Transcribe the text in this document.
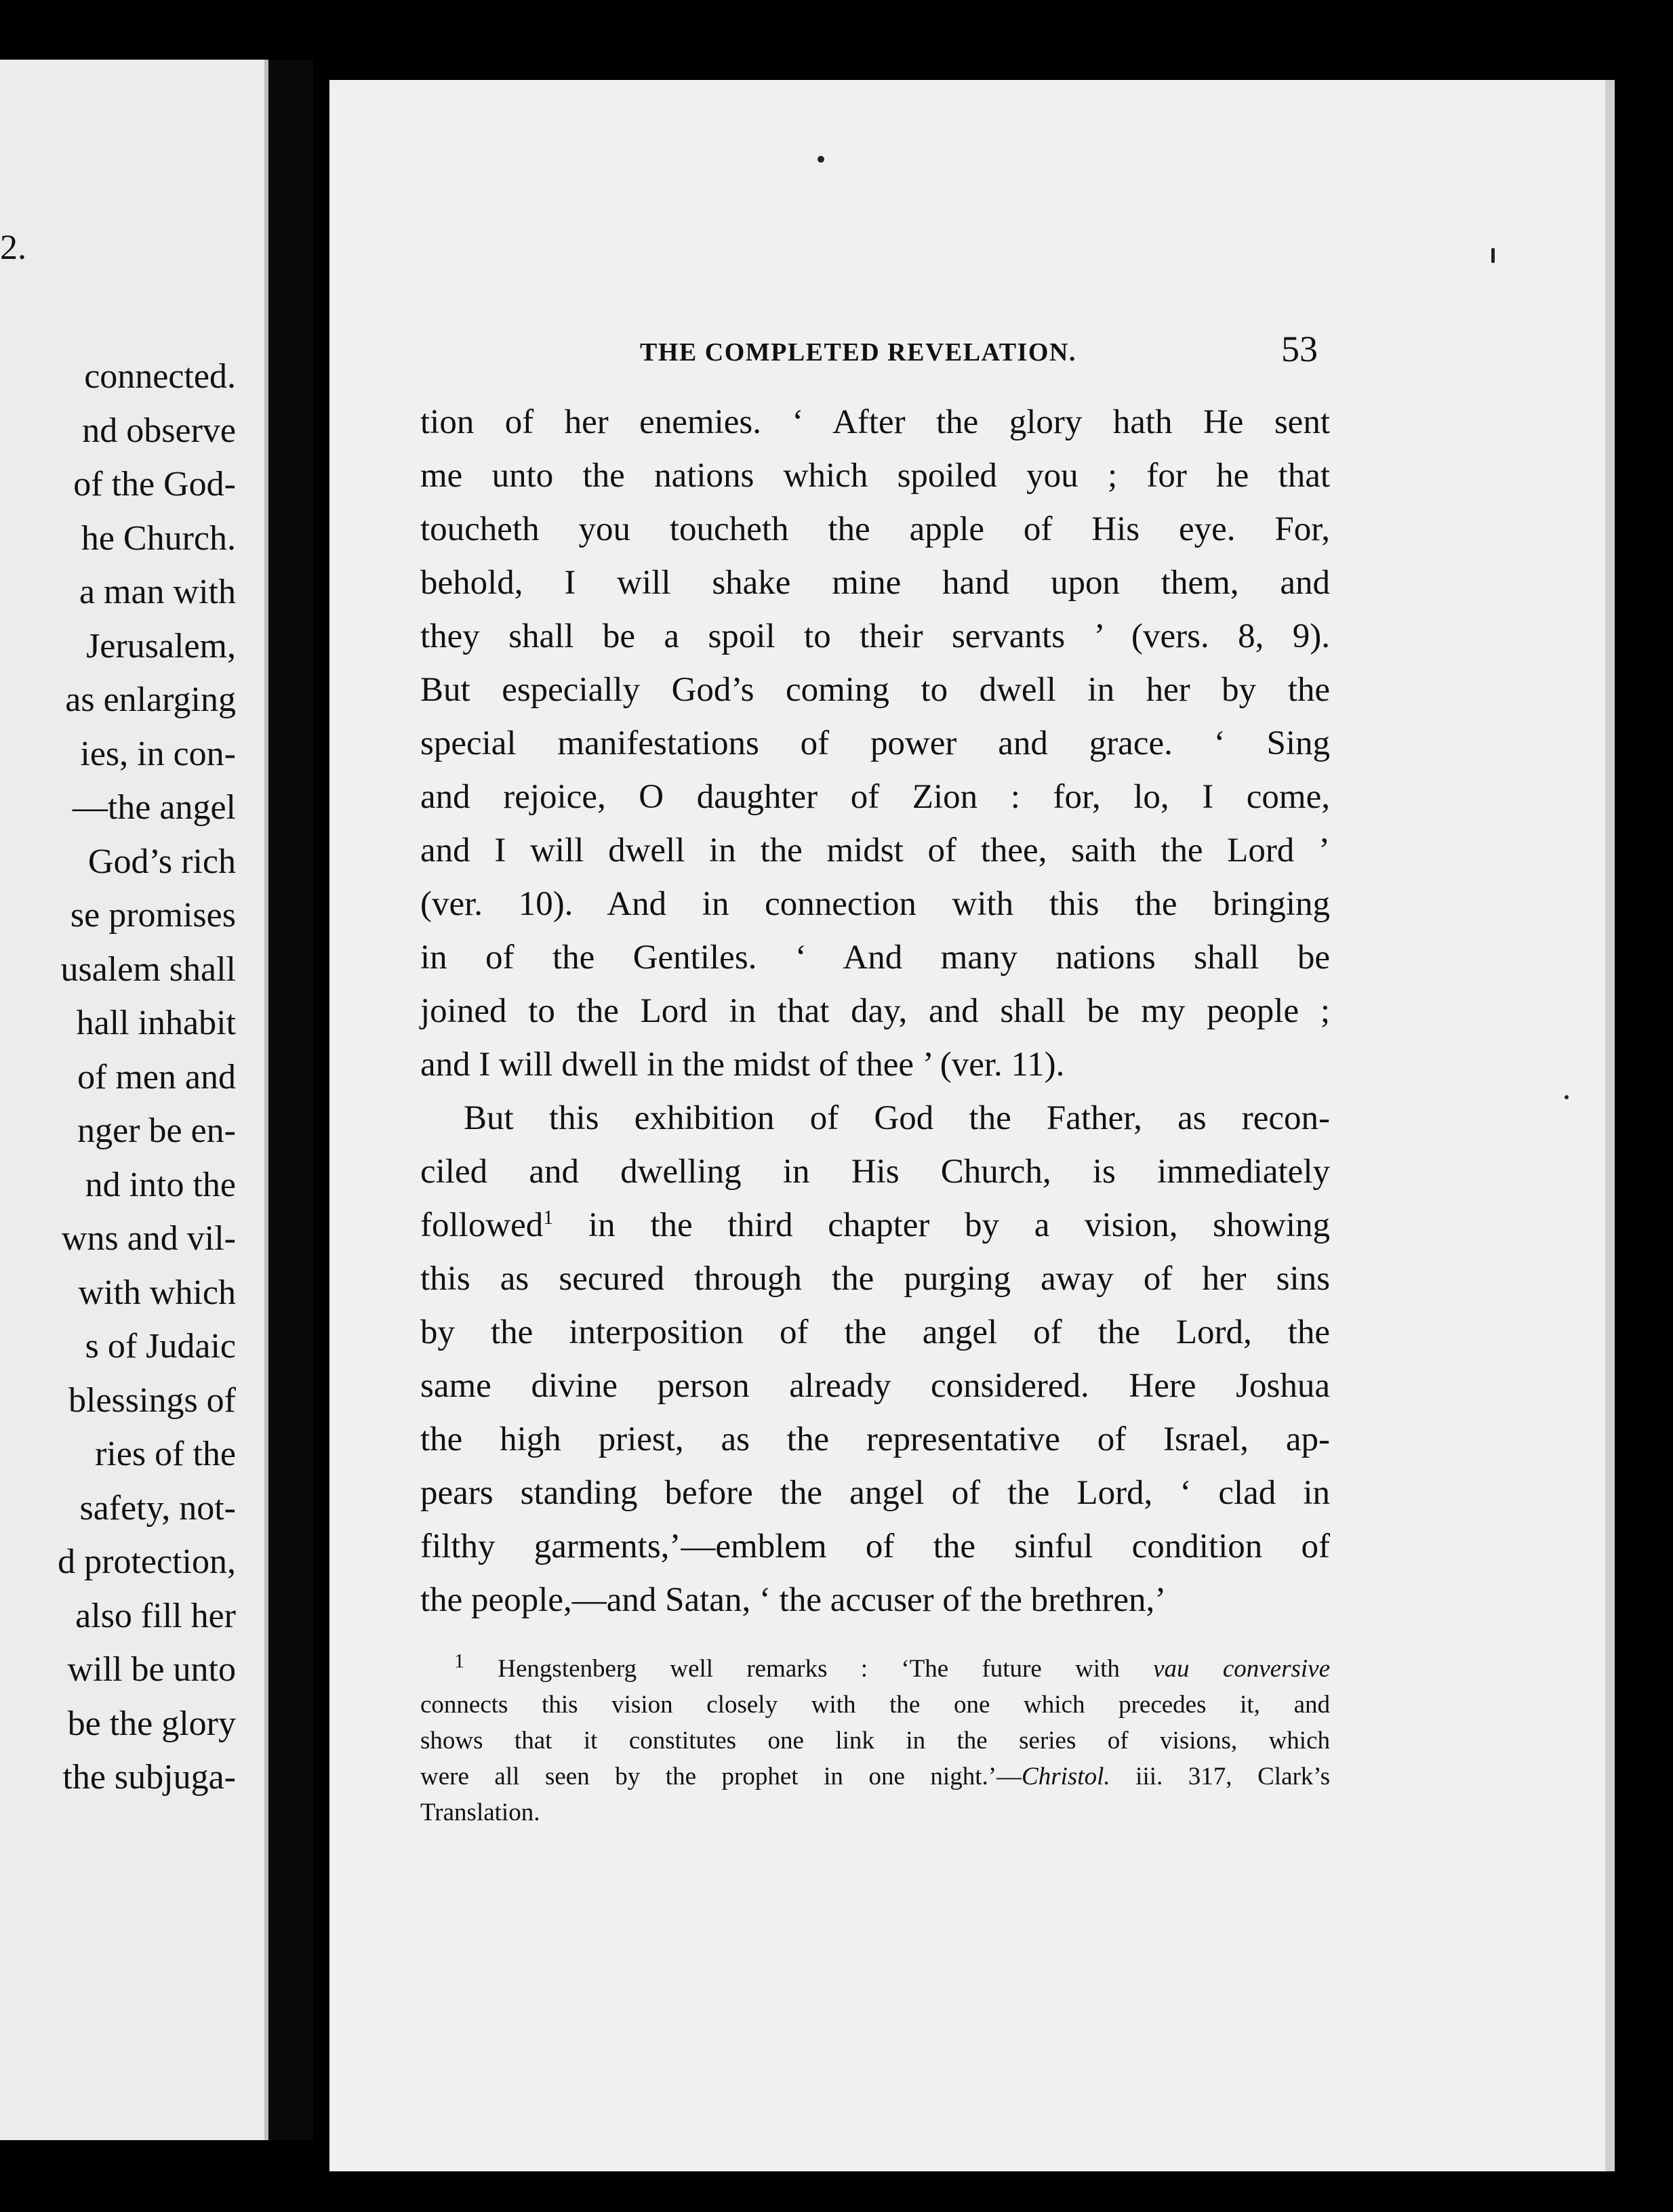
2.
connected.
nd observe
of the God-
he Church.
a man with
Jerusalem,
as enlarging
ies, in con-
—the angel
God’s rich
se promises
usalem shall
hall inhabit
of men and
nger be en-
nd into the
wns and vil-
with which
s of Judaic
blessings of
ries of the
safety, not-
d protection,
also fill her
will be unto
be the glory
the subjuga-
THE COMPLETED REVELATION.	53
tion of her enemies. ‘ After the glory hath He sent
me unto the nations which spoiled you ; for he that
toucheth you toucheth the apple of His eye. For,
behold, I will shake mine hand upon them, and
they shall be a spoil to their servants ’ (vers. 8, 9).
But especially God’s coming to dwell in her by the
special manifestations of power and grace. ‘ Sing
and rejoice, O daughter of Zion : for, lo, I come,
and I will dwell in the midst of thee, saith the Lord ’
(ver. 10). And in connection with this the bringing
in of the Gentiles. ‘ And many nations shall be
joined to the Lord in that day, and shall be my people ;
and I will dwell in the midst of thee ’ (ver. 11).
But this exhibition of God the Father, as recon-
ciled and dwelling in His Church, is immediately
followed$^1$ in the third chapter by a vision, showing
this as secured through the purging away of her sins
by the interposition of the angel of the Lord, the
same divine person already considered. Here Joshua
the high priest, as the representative of Israel, ap-
pears standing before the angel of the Lord, ‘ clad in
filthy garments,’—emblem of the sinful condition of
the people,—and Satan, ‘ the accuser of the brethren,’
$^1$ Hengstenberg well remarks : ‘The future with vau conversive
connects this vision closely with the one which precedes it, and
shows that it constitutes one link in the series of visions, which
were all seen by the prophet in one night.’—Christol. iii. 317, Clark’s
Translation.
